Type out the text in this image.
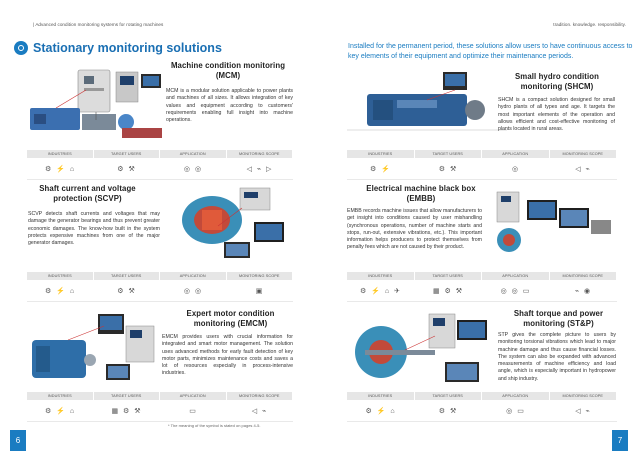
| Advanced condition monitoring systems for rotating machines
Stationary monitoring solutions
Machine condition monitoring (MCM)
MCM is a modular solution applicable to power plants and machines of all sizes. It allows integration of key values and equipment according to customers' requirements enabling full insight into machine operations.
INDUSTRIES	TARGET USERS	APPLICATION	MONITORING SCOPE
⚙ ⚡ ⌂	⚙ ⚒	◎ ◎	◁ ⌁ ▷
Shaft current and voltage protection (SCVP)
SCVP detects shaft currents and voltages that may damage the generator bearings and thus prevent greater economic damages. The know-how built in the system protects expensive machines from one of the major generator damages.
INDUSTRIES	TARGET USERS	APPLICATION	MONITORING SCOPE
⚙ ⚡ ⌂	⚙ ⚒	◎ ◎	▣
Expert motor condition monitoring (EMCM)
EMCM provides users with crucial information for integrated and smart motor management. The solution uses advanced methods for early fault detection of key motor parts, minimizes maintenance costs and saves a lot of resources especially in process-intensive industries.
INDUSTRIES	TARGET USERS	APPLICATION	MONITORING SCOPE
⚙ ⚡ ⌂	▦ ⚙ ⚒	▭	◁ ⌁
* The meaning of the symbol is stated on pages 4-5.
6
tradition. knowledge. responsibility.
Installed for the permanent period, these solutions allow users to have continuous access to key elements of their equipment and optimize their maintenance periods.
Small hydro condition monitoring (SHCM)
SHCM is a compact solution designed for small hydro plants of all types and age. It targets the most important elements of the operation and allows efficient and cost-effective monitoring of plants located in rural areas.
INDUSTRIES	TARGET USERS	APPLICATION	MONITORING SCOPE
⚙ ⚡	⚙ ⚒	◎	◁ ⌁
Electrical machine black box (EMBB)
EMBB records machine issues that allow manufacturers to get insight into conditions caused by user mishandling (synchronous operations, number of machine starts and stops, run-out, extensive vibrations, etc.). This important information helps producers to protect themselves from penalty fees which are not caused by their product.
INDUSTRIES	TARGET USERS	APPLICATION	MONITORING SCOPE
⚙ ⚡ ⌂ ✈	▦ ⚙ ⚒	◎ ◎ ▭	⌁ ◉
Shaft torque and power monitoring (ST&P)
STP gives the complete picture to users by monitoring torsional vibrations which lead to major machine damage and thus cause financial losses. The system can also be expanded with advanced measurements of machine efficiency and load angle, which is especially important in hydropower and ship industry.
INDUSTRIES	TARGET USERS	APPLICATION	MONITORING SCOPE
⚙ ⚡ ⌂	⚙ ⚒	◎ ▭	◁ ⌁
7
